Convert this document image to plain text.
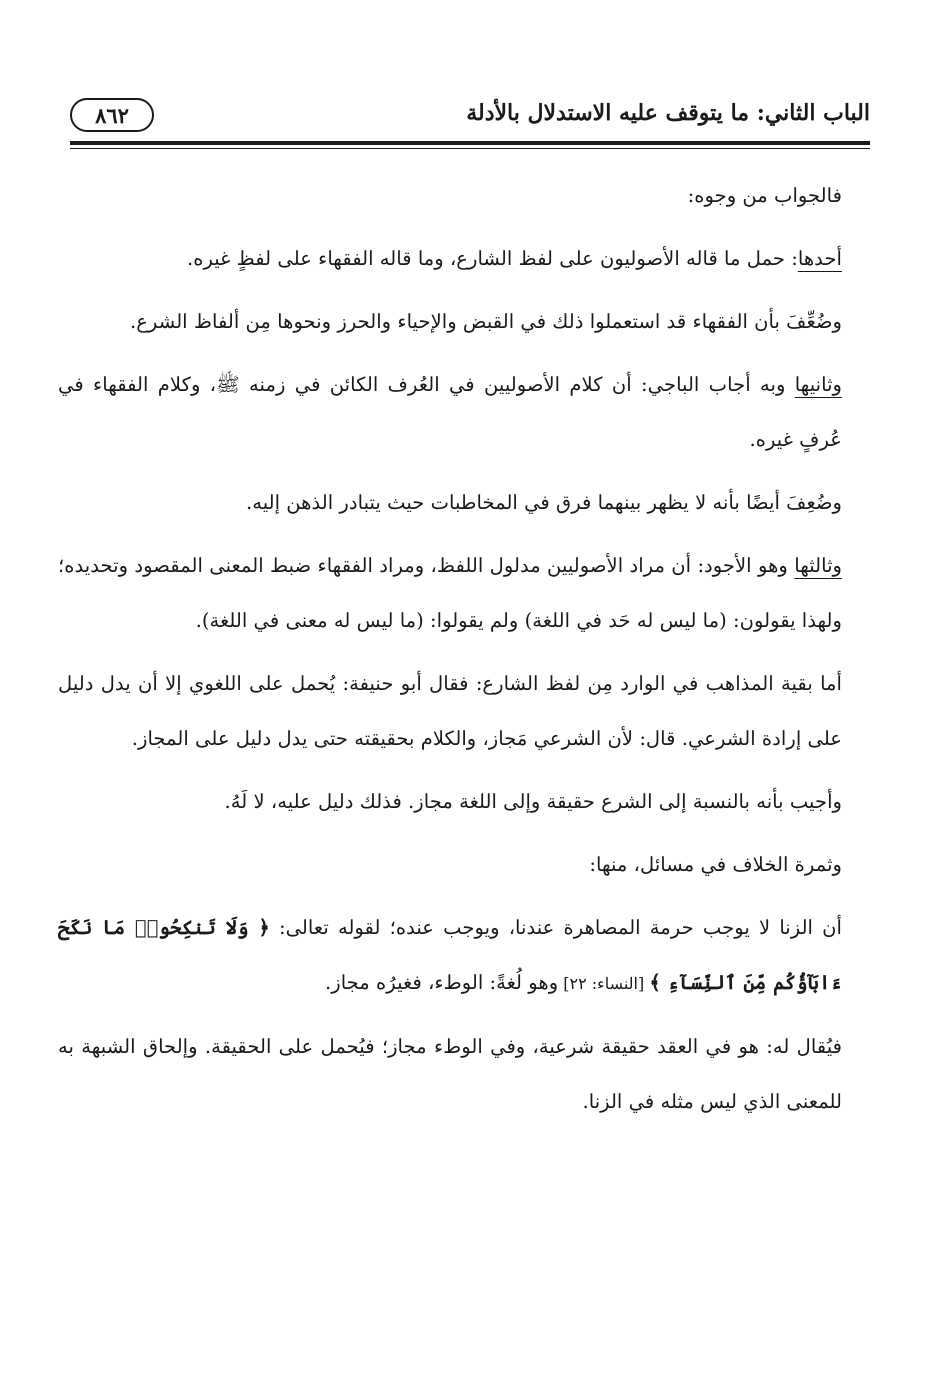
الباب الثاني: ما يتوقف عليه الاستدلال بالأدلة
٨٦٢

فالجواب من وجوه:

أحدها: حمل ما قاله الأصوليون على لفظ الشارع، وما قاله الفقهاء على لفظٍ غيره.

وضُعِّفَ بأن الفقهاء قد استعملوا ذلك في القبض والإحياء والحرز ونحوها مِن ألفاظ الشرع.

وثانيها وبه أجاب الباجي: أن كلام الأصوليين في العُرف الكائن في زمنه ﷺ، وكلام الفقهاء في عُرفٍ غيره.

وضُعِفَ أيضًا بأنه لا يظهر بينهما فرق في المخاطبات حيث يتبادر الذهن إليه.

وثالثها وهو الأجود: أن مراد الأصوليين مدلول اللفظ، ومراد الفقهاء ضبط المعنى المقصود وتحديده؛ ولهذا يقولون: (ما ليس له حَد في اللغة) ولم يقولوا: (ما ليس له معنى في اللغة).

أما بقية المذاهب في الوارد مِن لفظ الشارع: فقال أبو حنيفة: يُحمل على اللغوي إلا أن يدل دليل على إرادة الشرعي. قال: لأن الشرعي مَجاز، والكلام بحقيقته حتى يدل دليل على المجاز.

وأجيب بأنه بالنسبة إلى الشرع حقيقة وإلى اللغة مجاز. فذلك دليل عليه، لا لَهُ.

وثمرة الخلاف في مسائل، منها:

أن الزنا لا يوجب حرمة المصاهرة عندنا، ويوجب عنده؛ لقوله تعالى: ﴿ وَلَا تَنكِحُوا۟ مَا نَكَحَ ءَابَآؤُكُم مِّنَ ٱلنِّسَآءِ ﴾ [النساء: ٢٢] وهو لُغةً: الوطء، فغيرُه مجاز.

فيُقال له: هو في العقد حقيقة شرعية، وفي الوطء مجاز؛ فيُحمل على الحقيقة. وإلحاق الشبهة به للمعنى الذي ليس مثله في الزنا.
